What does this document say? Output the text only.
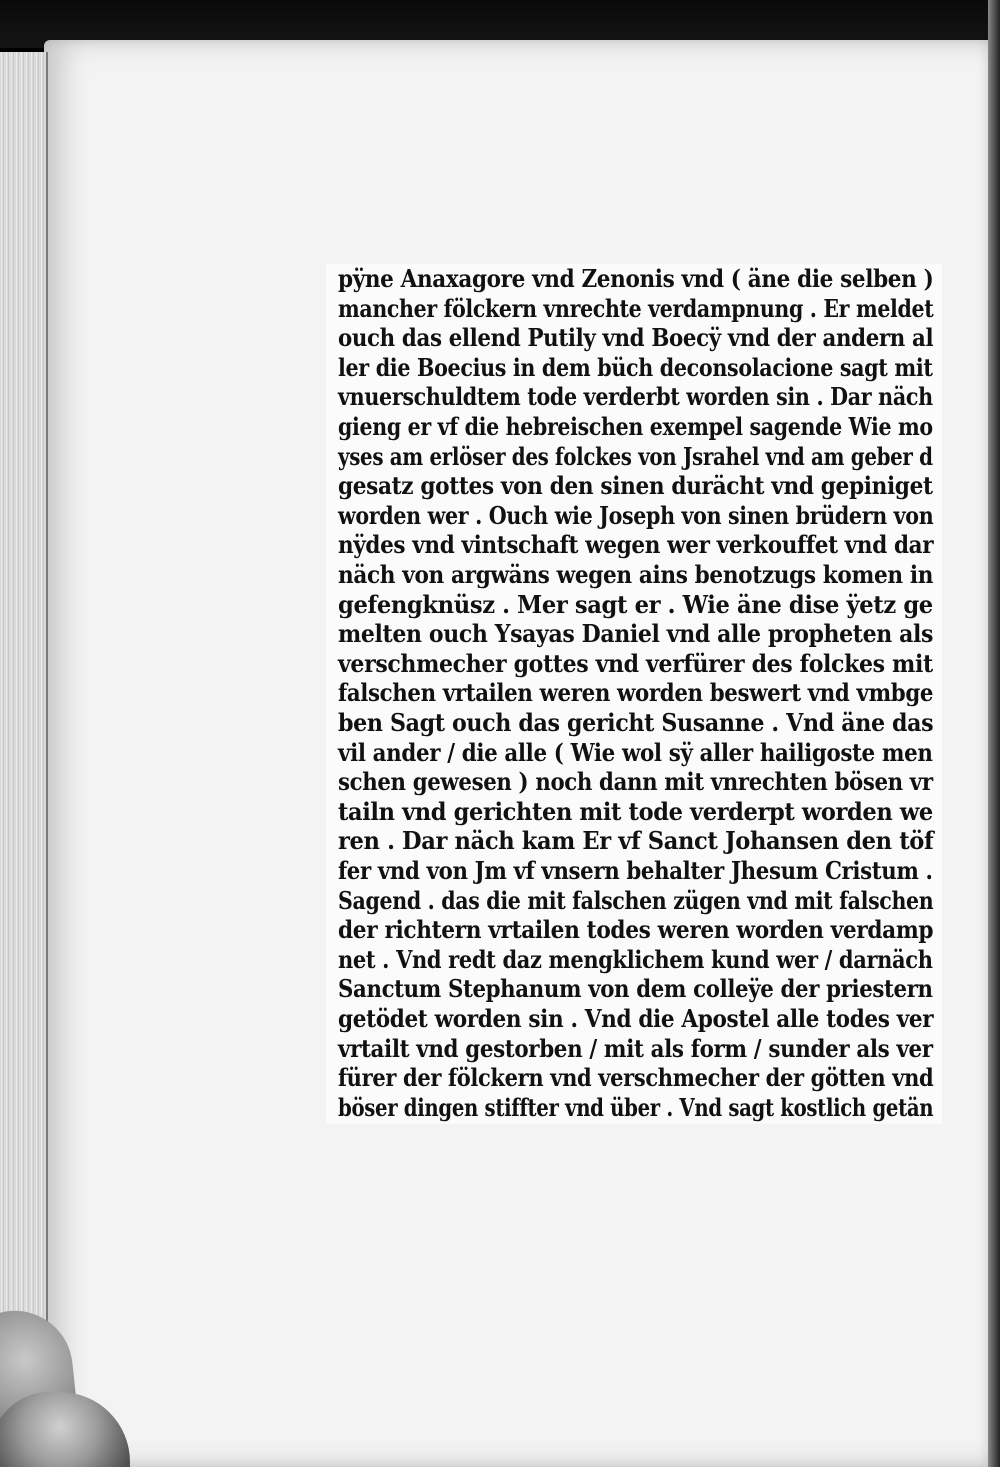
pÿne Anaxagore vnd Zenonis vnd ( äne die selben )
mancher fölckern vnrechte verdampnung . Er meldet
ouch das ellend Putily vnd Boecÿ vnd der andern al
ler die Boecius in dem büch deconsolacione sagt mit
vnuerschuldtem tode verderbt worden sin . Dar näch
gieng er vf die hebreischen exempel sagende Wie mo
yses am erlöser des folckes von Jsrahel vnd am geber d
gesatz gottes von den sinen durächt vnd gepiniget
worden wer . Ouch wie Joseph von sinen brüdern von
nÿdes vnd vintschaft wegen wer verkouffet vnd dar
näch von argwäns wegen ains benotzugs komen in
gefengknüsz . Mer sagt er . Wie äne dise ÿetz ge
melten ouch Ysayas Daniel vnd alle propheten als
verschmecher gottes vnd verfürer des folckes mit
falschen vrtailen weren worden beswert vnd vmbge
ben Sagt ouch das gericht Susanne . Vnd äne das
vil ander / die alle ( Wie wol sÿ aller hailigoste men
schen gewesen ) noch dann mit vnrechten bösen vr
tailn vnd gerichten mit tode verderpt worden we
ren . Dar näch kam Er vf Sanct Johansen den töf
fer vnd von Jm vf vnsern behalter Jhesum Cristum .
Sagend . das die mit falschen zügen vnd mit falschen
der richtern vrtailen todes weren worden verdamp
net . Vnd redt daz mengklichem kund wer / darnäch
Sanctum Stephanum von dem colleÿe der priestern
getödet worden sin . Vnd die Apostel alle todes ver
vrtailt vnd gestorben / mit als form / sunder als ver
fürer der fölckern vnd verschmecher der götten vnd
böser dingen stiffter vnd über . Vnd sagt kostlich getän
